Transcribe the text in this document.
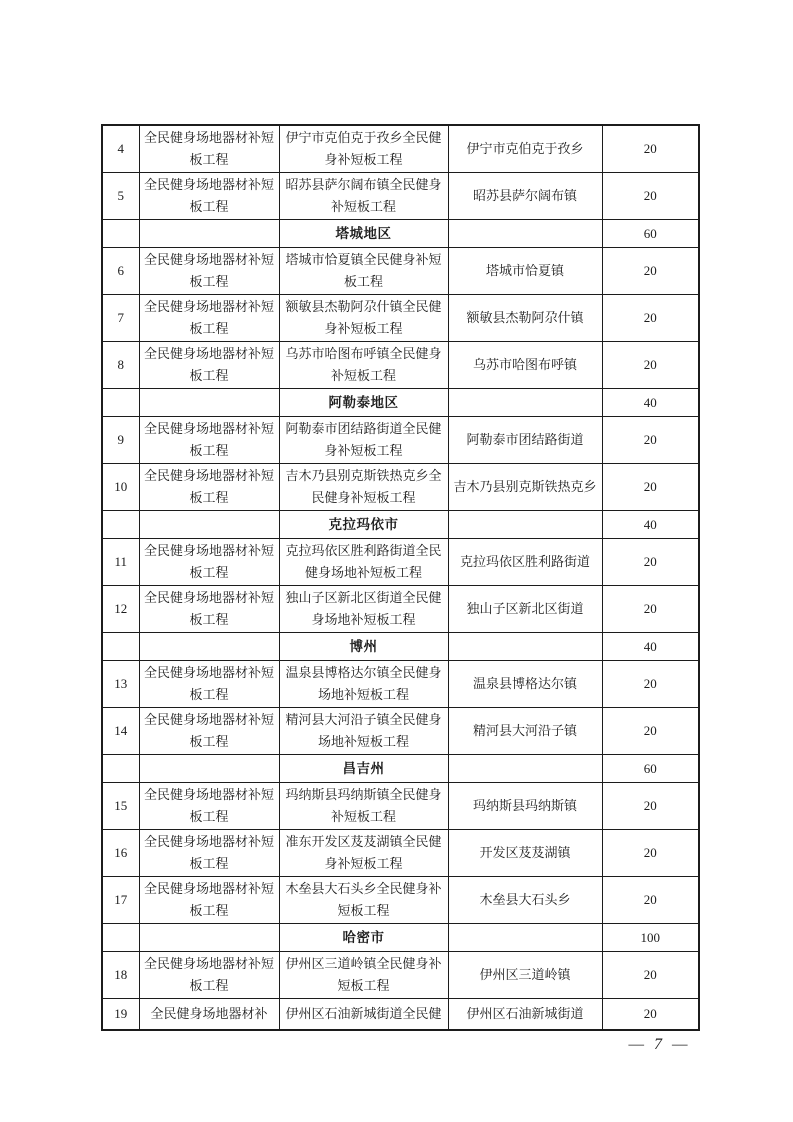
4	全民健身场地器材补短板工程	伊宁市克伯克于孜乡全民健身补短板工程	伊宁市克伯克于孜乡	20
5	全民健身场地器材补短板工程	昭苏县萨尔阔布镇全民健身补短板工程	昭苏县萨尔阔布镇	20
		塔城地区		60
6	全民健身场地器材补短板工程	塔城市恰夏镇全民健身补短板工程	塔城市恰夏镇	20
7	全民健身场地器材补短板工程	额敏县杰勒阿尕什镇全民健身补短板工程	额敏县杰勒阿尕什镇	20
8	全民健身场地器材补短板工程	乌苏市哈图布呼镇全民健身补短板工程	乌苏市哈图布呼镇	20
		阿勒泰地区		40
9	全民健身场地器材补短板工程	阿勒泰市团结路街道全民健身补短板工程	阿勒泰市团结路街道	20
10	全民健身场地器材补短板工程	吉木乃县别克斯铁热克乡全民健身补短板工程	吉木乃县别克斯铁热克乡	20
		克拉玛依市		40
11	全民健身场地器材补短板工程	克拉玛依区胜利路街道全民健身场地补短板工程	克拉玛依区胜利路街道	20
12	全民健身场地器材补短板工程	独山子区新北区街道全民健身场地补短板工程	独山子区新北区街道	20
		博州		40
13	全民健身场地器材补短板工程	温泉县博格达尔镇全民健身场地补短板工程	温泉县博格达尔镇	20
14	全民健身场地器材补短板工程	精河县大河沿子镇全民健身场地补短板工程	精河县大河沿子镇	20
		昌吉州		60
15	全民健身场地器材补短板工程	玛纳斯县玛纳斯镇全民健身补短板工程	玛纳斯县玛纳斯镇	20
16	全民健身场地器材补短板工程	准东开发区芨芨湖镇全民健身补短板工程	开发区芨芨湖镇	20
17	全民健身场地器材补短板工程	木垒县大石头乡全民健身补短板工程	木垒县大石头乡	20
		哈密市		100
18	全民健身场地器材补短板工程	伊州区三道岭镇全民健身补短板工程	伊州区三道岭镇	20
19	全民健身场地器材补	伊州区石油新城街道全民健	伊州区石油新城街道	20
— 7 —
